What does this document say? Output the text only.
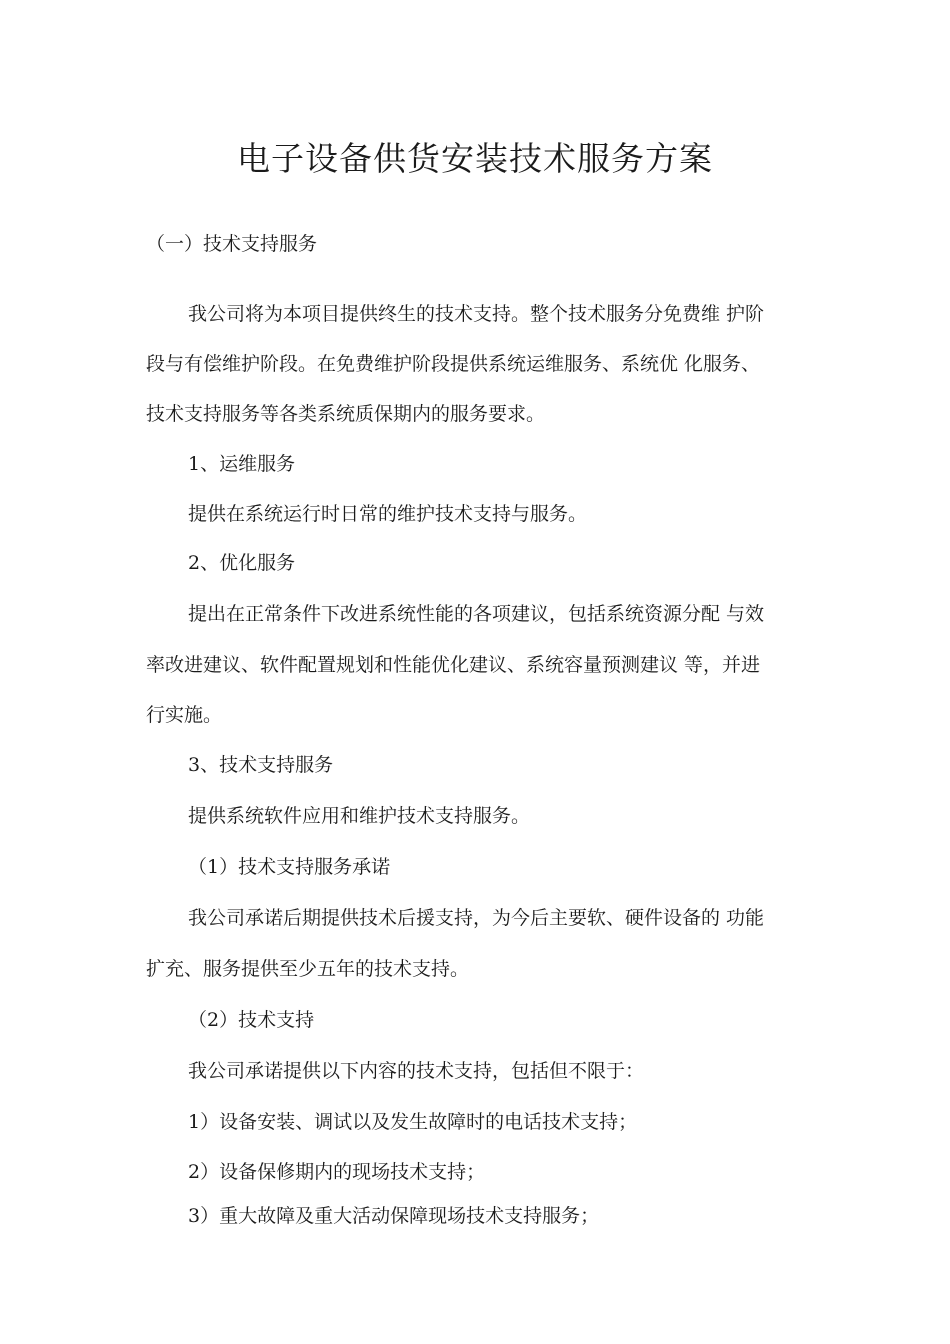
电子设备供货安装技术服务方案
（一）技术支持服务
我公司将为本项目提供终生的技术支持。整个技术服务分免费维 护阶
段与有偿维护阶段。在免费维护阶段提供系统运维服务、系统优 化服务、
技术支持服务等各类系统质保期内的服务要求。
1、运维服务
提供在系统运行时日常的维护技术支持与服务。
2、优化服务
提出在正常条件下改进系统性能的各项建议，包括系统资源分配 与效
率改进建议、软件配置规划和性能优化建议、系统容量预测建议 等，并进
行实施。
3、技术支持服务
提供系统软件应用和维护技术支持服务。
（1）技术支持服务承诺
我公司承诺后期提供技术后援支持，为今后主要软、硬件设备的 功能
扩充、服务提供至少五年的技术支持。
（2）技术支持
我公司承诺提供以下内容的技术支持，包括但不限于：
1）设备安装、调试以及发生故障时的电话技术支持；
2）设备保修期内的现场技术支持；
3）重大故障及重大活动保障现场技术支持服务；
